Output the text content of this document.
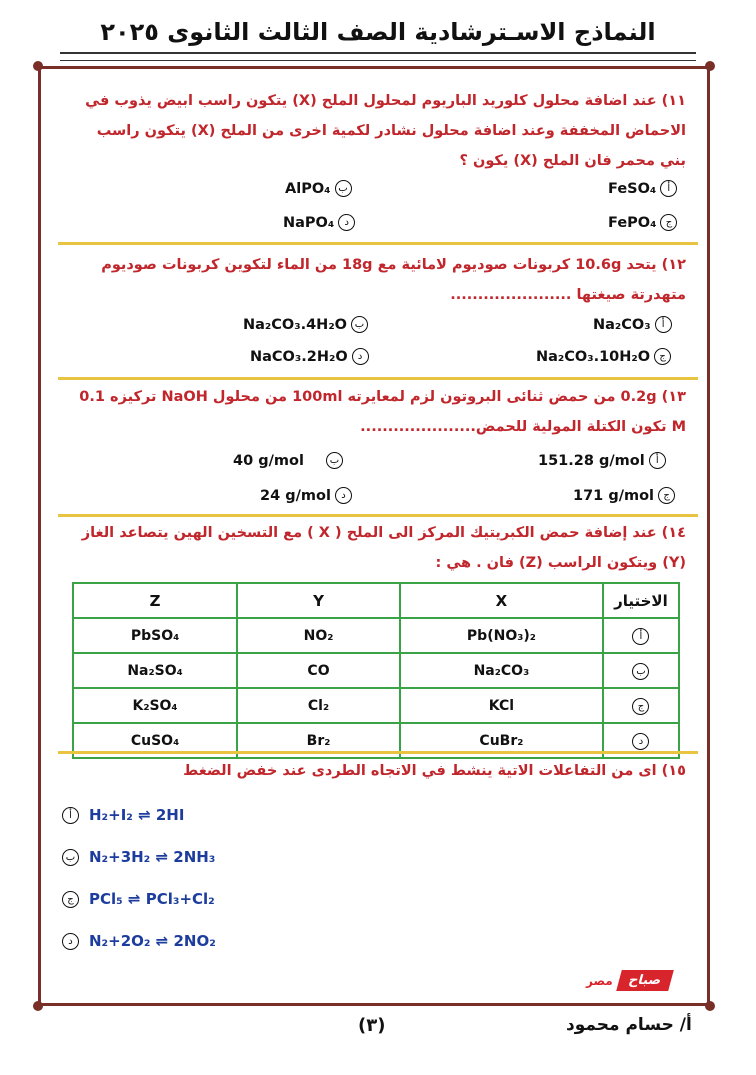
النماذج الاسـترشادية الصف الثالث الثانوى ٢٠٢٥
١١) عند اضافة محلول كلوريد الباريوم لمحلول الملح (X) يتكون راسب ابيض يذوب في الاحماض المخففة وعند اضافة محلول نشادر لكمية اخرى من الملح (X) يتكون راسب بني محمر فان الملح (X) يكون ؟
FeSO₄	أ
AlPO₄ ب
FePO₄ ج
NaPO₄	د
١٢) يتحد 10.6g كربونات صوديوم لامائية مع 18g من الماء لتكوين كربونات صوديوم متهدرتة صيغتها ......................
Na₂CO₃	أ
Na₂CO₃.4H₂O ب
Na₂CO₃.10H₂O ج
NaCO₃.2H₂O	د
١٣) 0.2g من حمض ثنائى البروتون لزم لمعايرته 100ml من محلول NaOH تركيزه 0.1 M تكون الكتلة المولية للحمض.....................
151.28 g/mol	أ
40 g/mol	ب
171 g/mol ج
24 g/mol	د
١٤) عند إضافة حمض الكبريتيك المركز الى الملح ( X ) مع التسخين الهين يتصاعد الغاز (Y) ويتكون الراسب (Z) فان . هي :
Z	Y	X	الاختيار
PbSO₄	NO₂	Pb(NO₃)₂	أ
Na₂SO₄	CO	Na₂CO₃	ب
K₂SO₄	Cl₂	KCl	ج
CuSO₄	Br₂	CuBr₂	د
١٥) اى من التفاعلات الاتية ينشط في الاتجاه الطردى عند خفض الضغط
أ	H₂+I₂ ⇌ 2HI
ب N₂+3H₂ ⇌ 2NH₃
ج	PCl₅ ⇌ PCl₃+Cl₂
د	N₂+2O₂ ⇌ 2NO₂
صباح
مصر
(٣)	أ/ حسام محمود
